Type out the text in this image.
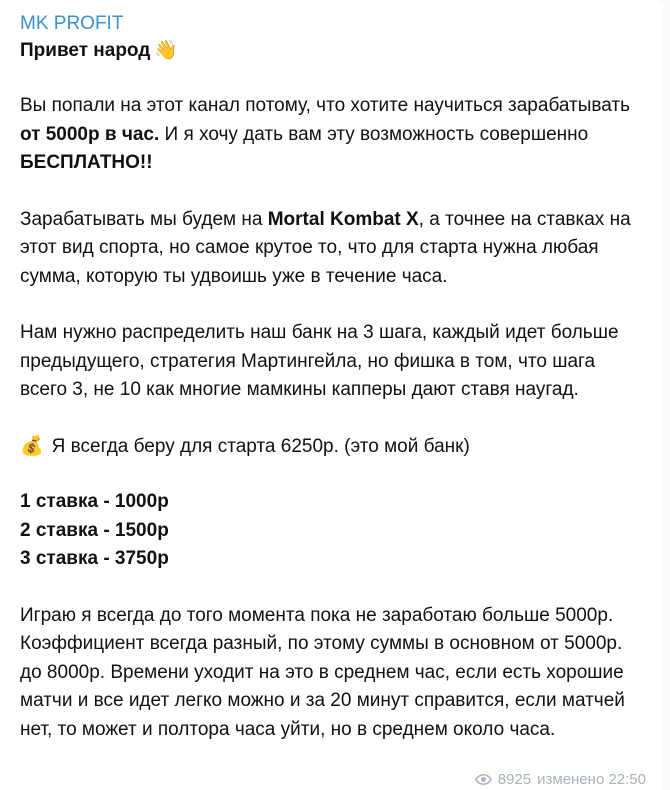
MK PROFIT
Привет народ 👋

Вы попали на этот канал потому, что хотите научиться зарабатывать от 5000р в час. И я хочу дать вам эту возможность совершенно БЕСПЛАТНО!!

Зарабатывать мы будем на Mortal Kombat X, а точнее на ставках на этот вид спорта, но самое крутое то, что для старта нужна любая сумма, которую ты удвоишь уже в течение часа.

Нам нужно распределить наш банк на 3 шага, каждый идет больше предыдущего, стратегия Мартингейла, но фишка в том, что шага всего 3, не 10 как многие мамкины капперы дают ставя наугад.

💰 Я всегда беру для старта 6250р. (это мой банк)

1 ставка - 1000р
2 ставка - 1500р
3 ставка - 3750р

Играю я всегда до того момента пока не заработаю больше 5000р. Коэффициент всегда разный, по этому суммы в основном от 5000р. до 8000р. Времени уходит на это в среднем час, если есть хорошие матчи и все идет легко можно и за 20 минут справится, если матчей нет, то может и полтора часа уйти, но в среднем около часа.

8925 изменено 22:50
